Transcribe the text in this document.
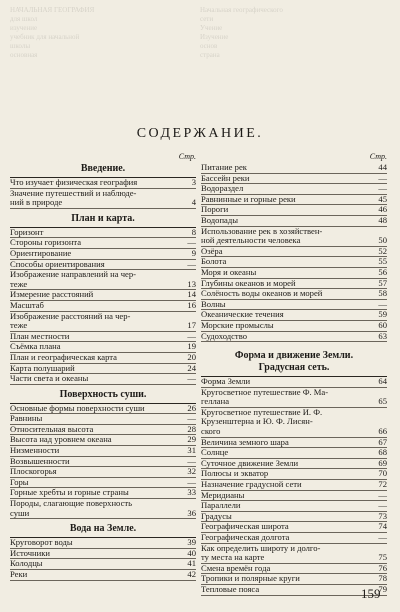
НАЧАЛЬНАЯ ГЕОГРАФИЯ
для школ
изучение
учебник для начальной
школы
основная
Начальная географического
сети
Учение
Изучение
основ
страна
СОДЕРЖАНИЕ.
Стр.
Введение.
Что изучает физическая география	3
Значение путешествий и наблюде-
ний в природе	4
План и карта.
Горизонт	8
Стороны горизонта	—
Ориентирование	9
Способы ориентирования	—
Изображение направлений на чер-
теже	13
Измерение расстояний	14
Масштаб	16
Изображение расстояний на чер-
теже	17
План местности	—
Съёмка плана	19
План и географическая карта	20
Карта полушарий	24
Части света и океаны	—
Поверхность суши.
Основные формы поверхности суши	26
Равнины	—
Относительная высота	28
Высота над уровнем океана	29
Низменности	31
Возвышенности	—
Плоскогорья	32
Горы	—
Горные хребты и горные страны	33
Породы, слагающие поверхность
суши	36
Вода на Земле.
Круговорот воды	39
Источники	40
Колодцы	41
Реки	42
Стр.
Питание рек	44
Бассейн реки	—
Водораздел	—
Равнинные и горные реки	45
Пороги	46
Водопады	48
Использование рек в хозяйствен-
ной деятельности человека	50
Озёра	52
Болота	55
Моря и океаны	56
Глубины океанов и морей	57
Солёность воды океанов и морей	58
Волны	—
Океанические течения	59
Морские промыслы	60
Судоходство	63
Форма и движение Земли.
Градусная сеть.
Форма Земли	64
Кругосветное путешествие Ф. Ма-
геллана	65
Кругосветное путешествие И. Ф.
Крузенштерна и Ю. Ф. Лисян-
ского	66
Величина земного шара	67
Солнце	68
Суточное движение Земли	69
Полюсы и экватор	70
Назначение градусной сети	72
Меридианы	—
Параллели	—
Градусы	73
Географическая широта	74
Географическая долгота	—
Как определить широту и долго-
ту места на карте	75
Смена времён года	76
Тропики и полярные круги	78
Тепловые пояса	79
159
